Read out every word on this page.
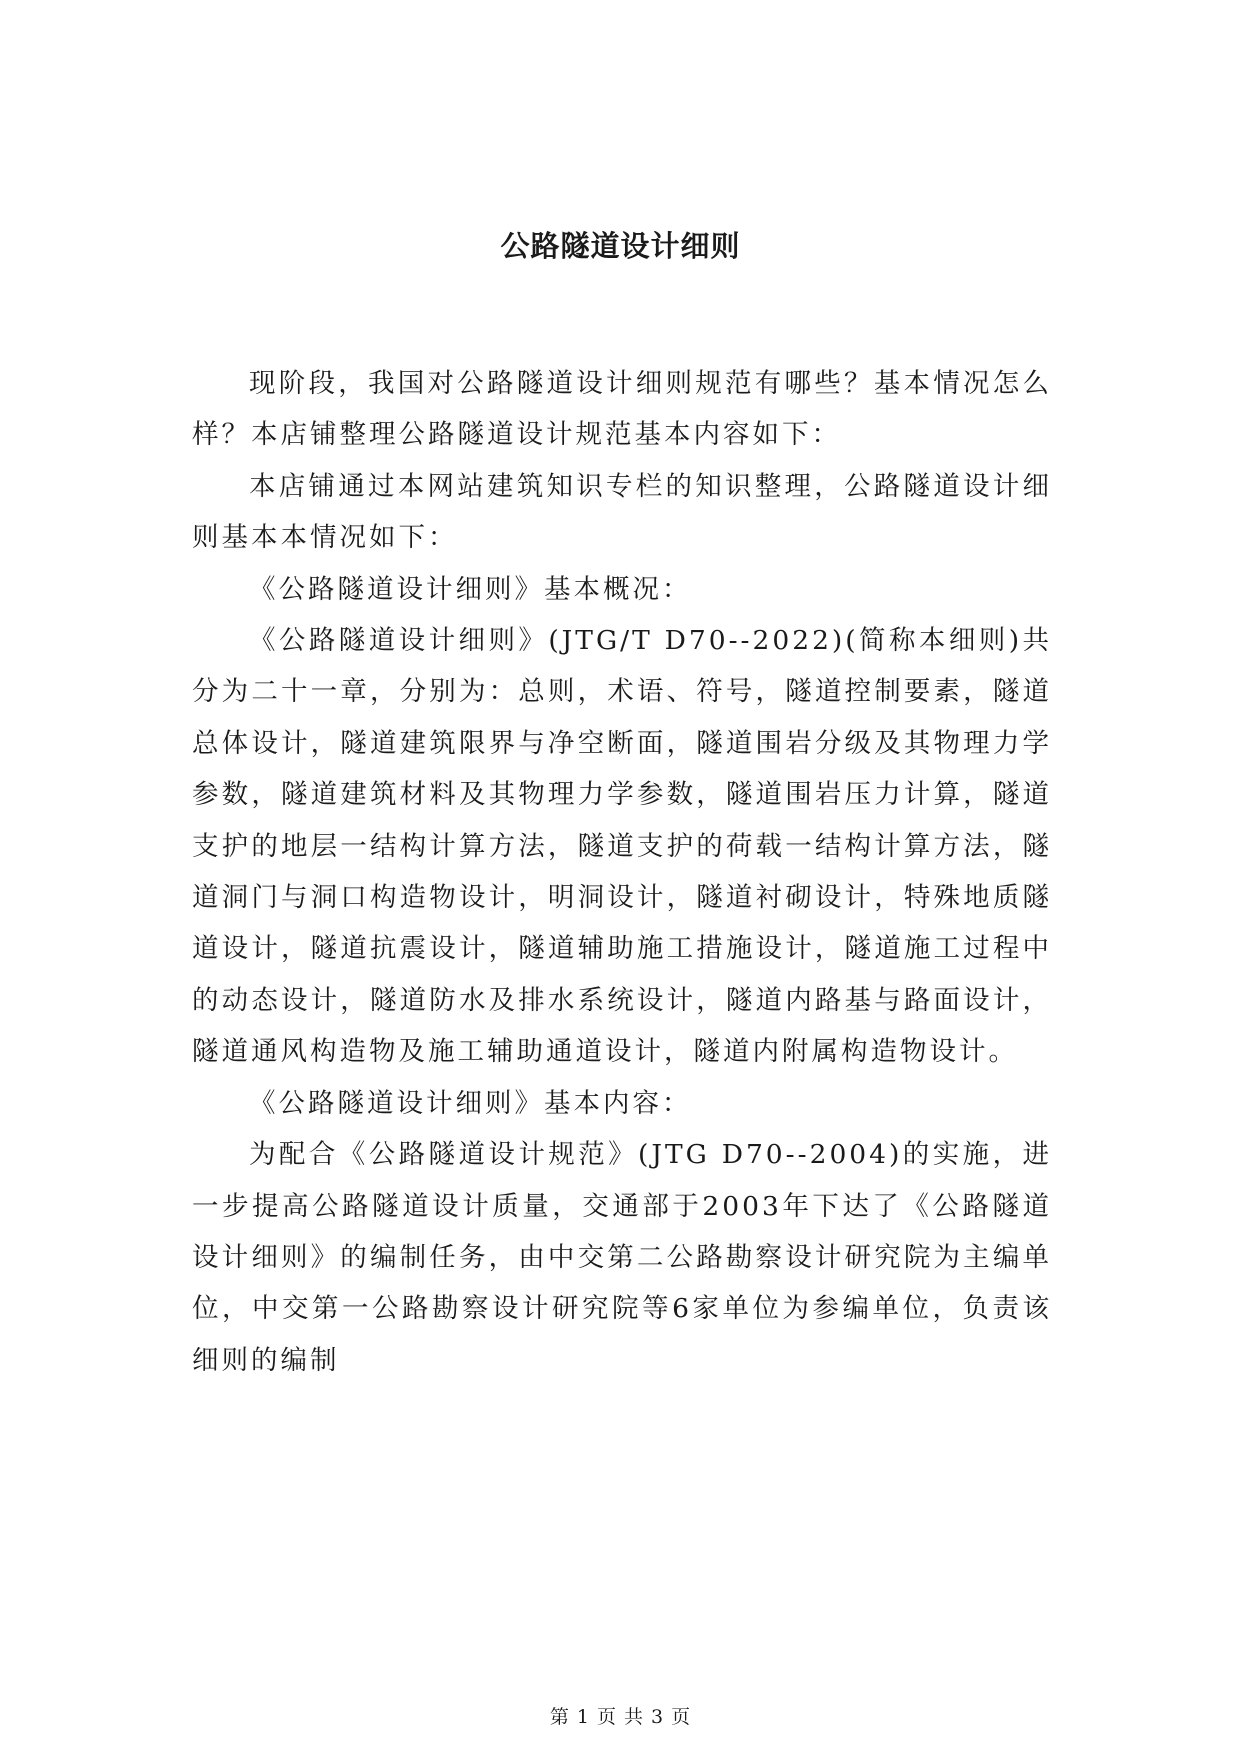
公路隧道设计细则

现阶段，我国对公路隧道设计细则规范有哪些？基本情况怎么样？本店铺整理公路隧道设计规范基本内容如下：

本店铺通过本网站建筑知识专栏的知识整理，公路隧道设计细则基本本情况如下：

《公路隧道设计细则》基本概况：

《公路隧道设计细则》(JTG/T D70--2022)(简称本细则)共分为二十一章，分别为：总则，术语、符号，隧道控制要素，隧道总体设计，隧道建筑限界与净空断面，隧道围岩分级及其物理力学参数，隧道建筑材料及其物理力学参数，隧道围岩压力计算，隧道支护的地层一结构计算方法，隧道支护的荷载一结构计算方法，隧道洞门与洞口构造物设计，明洞设计，隧道衬砌设计，特殊地质隧道设计，隧道抗震设计，隧道辅助施工措施设计，隧道施工过程中的动态设计，隧道防水及排水系统设计，隧道内路基与路面设计，隧道通风构造物及施工辅助通道设计，隧道内附属构造物设计。

《公路隧道设计细则》基本内容：

为配合《公路隧道设计规范》(JTG D70--2004)的实施，进一步提高公路隧道设计质量，交通部于2003年下达了《公路隧道设计细则》的编制任务，由中交第二公路勘察设计研究院为主编单位，中交第一公路勘察设计研究院等6家单位为参编单位，负责该细则的编制

第 1 页 共 3 页
